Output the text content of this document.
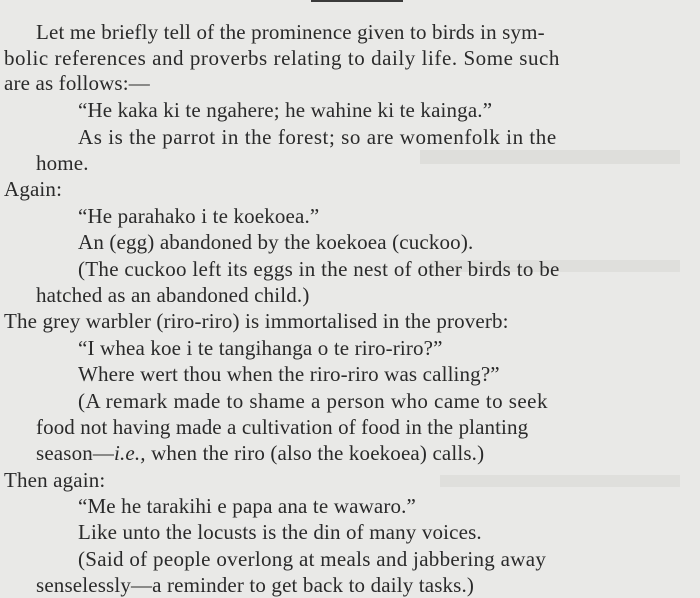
Let me briefly tell of the prominence given to birds in sym-
bolic references and proverbs relating to daily life. Some such
are as follows:—
“He kaka ki te ngahere; he wahine ki te kainga.”
As is the parrot in the forest; so are womenfolk in the
home.
Again:
“He parahako i te koekoea.”
An (egg) abandoned by the koekoea (cuckoo).
(The cuckoo left its eggs in the nest of other birds to be
hatched as an abandoned child.)
The grey warbler (riro-riro) is immortalised in the proverb:
“I whea koe i te tangihanga o te riro-riro?”
Where wert thou when the riro-riro was calling?”
(A remark made to shame a person who came to seek
food not having made a cultivation of food in the planting
season—i.e., when the riro (also the koekoea) calls.)
Then again:
“Me he tarakihi e papa ana te wawaro.”
Like unto the locusts is the din of many voices.
(Said of people overlong at meals and jabbering away
senselessly—a reminder to get back to daily tasks.)
